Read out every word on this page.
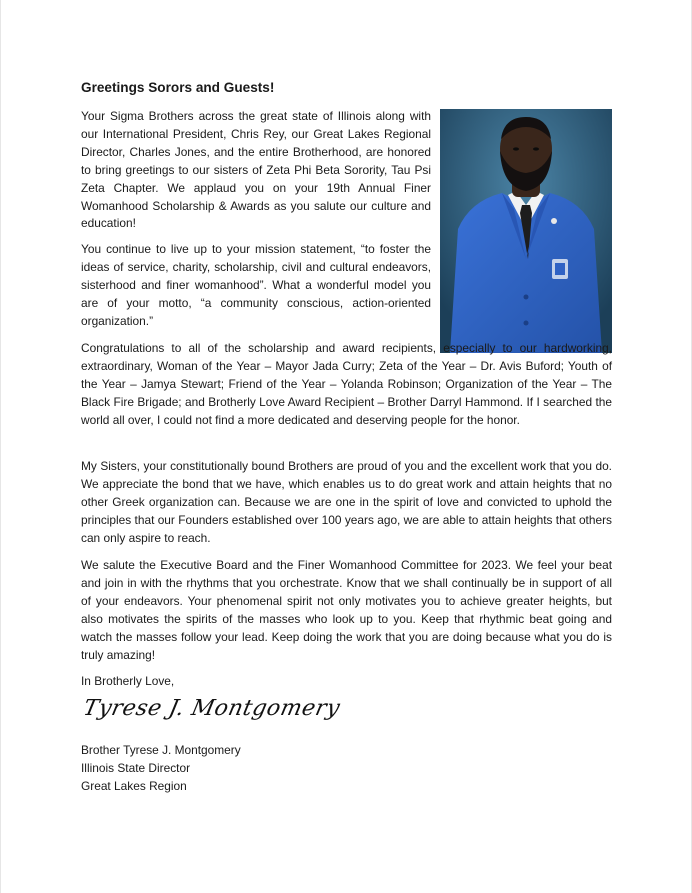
Greetings Sorors and Guests!

Your Sigma Brothers across the great state of Illinois along with our International President, Chris Rey, our Great Lakes Regional Director, Charles Jones, and the entire Brotherhood, are honored to bring greetings to our sisters of Zeta Phi Beta Sorority, Tau Psi Zeta Chapter. We applaud you on your 19th Annual Finer Womanhood Scholarship & Awards as you salute our culture and education!

You continue to live up to your mission statement, “to foster the ideas of service, charity, scholarship, civil and cultural endeavors, sisterhood and finer womanhood”. What a wonderful model you are of your motto, “a community conscious, action-oriented organization.”

Congratulations to all of the scholarship and award recipients, especially to our hardworking, extraordinary, Woman of the Year – Mayor Jada Curry; Zeta of the Year – Dr. Avis Buford; Youth of the Year – Jamya Stewart; Friend of the Year – Yolanda Robinson; Organization of the Year – The Black Fire Brigade; and Brotherly Love Award Recipient – Brother Darryl Hammond. If I searched the world all over, I could not find a more dedicated and deserving people for the honor.

My Sisters, your constitutionally bound Brothers are proud of you and the excellent work that you do. We appreciate the bond that we have, which enables us to do great work and attain heights that no other Greek organization can. Because we are one in the spirit of love and convicted to uphold the principles that our Founders established over 100 years ago, we are able to attain heights that others can only aspire to reach.

We salute the Executive Board and the Finer Womanhood Committee for 2023. We feel your beat and join in with the rhythms that you orchestrate. Know that we shall continually be in support of all of your endeavors. Your phenomenal spirit not only motivates you to achieve greater heights, but also motivates the spirits of the masses who look up to you. Keep that rhythmic beat going and watch the masses follow your lead. Keep doing the work that you are doing because what you do is truly amazing!

In Brotherly Love,

Tyrese J. Montgomery
Brother Tyrese J. Montgomery
Illinois State Director
Great Lakes Region
